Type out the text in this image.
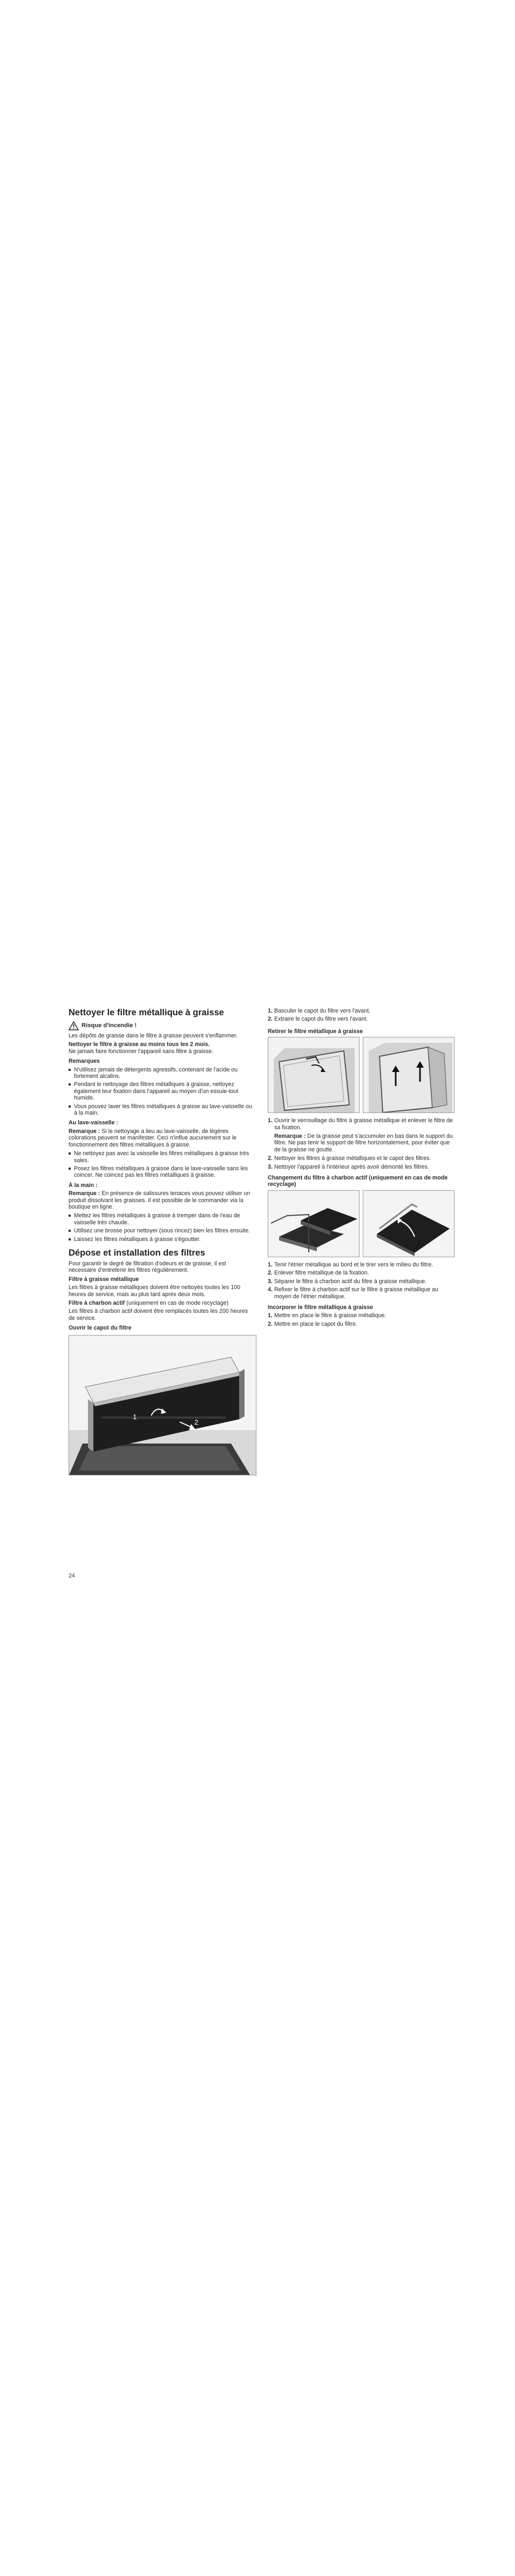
Nettoyer le filtre métallique à graisse
Risque d'incendie !

Les dépôts de graisse dans le filtre à graisse peuvent s'enflammer.

Nettoyer le filtre à graisse au moins tous les 2 mois.

Ne jamais faire fonctionner l'appareil sans filtre à graisse.

Remarques
N'utilisez jamais de détergents agressifs, contenant de l'acide ou fortement alcalins.
Pendant le nettoyage des filtres métalliques à graisse, nettoyez également leur fixation dans l'appareil au moyen d'un essuie-tout humide.
Vous pouvez laver les filtres métalliques à graisse au lave-vaisselle ou à la main.
Au lave-vaisselle :

Remarque : Si le nettoyage a lieu au lave-vaisselle, de légères colorations peuvent se manifester. Ceci n'influe aucunement sur le fonctionnement des filtres métalliques à graisse.

Ne nettoyez pas avec la vaisselle les filtres métalliques à graisse très sales.
Posez les filtres métalliques à graisse dans le lave-vaisselle sans les coincer. Ne coincez pas les filtres métalliques à graisse.
À la main :

Remarque : En présence de salissures tenaces vous pouvez utiliser un produit dissolvant les graisses. Il est possible de le commander via la boutique en ligne.

Mettez les filtres métalliques à graisse à tremper dans de l'eau de vaisselle très chaude.
Utilisez une brosse pour nettoyer (sous rincez) bien les filtres ensuite.
Laissez les filtres métalliques à graisse s'égoutter.
Dépose et installation des filtres

Pour garantir le degré de filtration d'odeurs et de graisse, il est nécessaire d'entretenir les filtres régulièrement.

Filtre à graisse métallique

Les filtres à graisse métalliques doivent être nettoyés toutes les 100 heures de service, mais au plus tard après deux mois.

Filtre à charbon actif (uniquement en cas de mode recyclage)

Les filtres à charbon actif doivent être remplacés toutes les 200 heures de service.

Ouvrir le capot du filtre
1
2
1. Basculer le capot du filtre vers l'avant.
2. Extraire le capot du filtre vers l'avant.
Retirer le filtre métallique à graisse
1. Ouvrir le verrouillage du filtre à graisse métallique et enlever le filtre de sa fixation.

Remarque : De la graisse peut s'accumuler en bas dans le support du filtre. Ne pas tenir le support de filtre horizontalement, pour éviter que de la graisse ne goutte.

2. Nettoyer les filtres à graisse métalliques et le capot des filtres.
3. Nettoyer l'appareil à l'intérieur après avoir démonté les filtres.
Changement du filtre à charbon actif (uniquement en cas de mode recyclage)
1. Tenir l'étrier métallique au bord et le tirer vers le milieu du filtre.
2. Enlever filtre métallique de la fixation.
3. Séparer le filtre à charbon actif du filtre à graisse métallique.
4. Refixer le filtre à charbon actif sur le filtre à graisse métallique au moyen de l'étrier métallique.
Incorporer le filtre métallique à graisse
1. Mettre en place le filtre à graisse métallique.
2. Mettre en place le capot du filtre.
24
